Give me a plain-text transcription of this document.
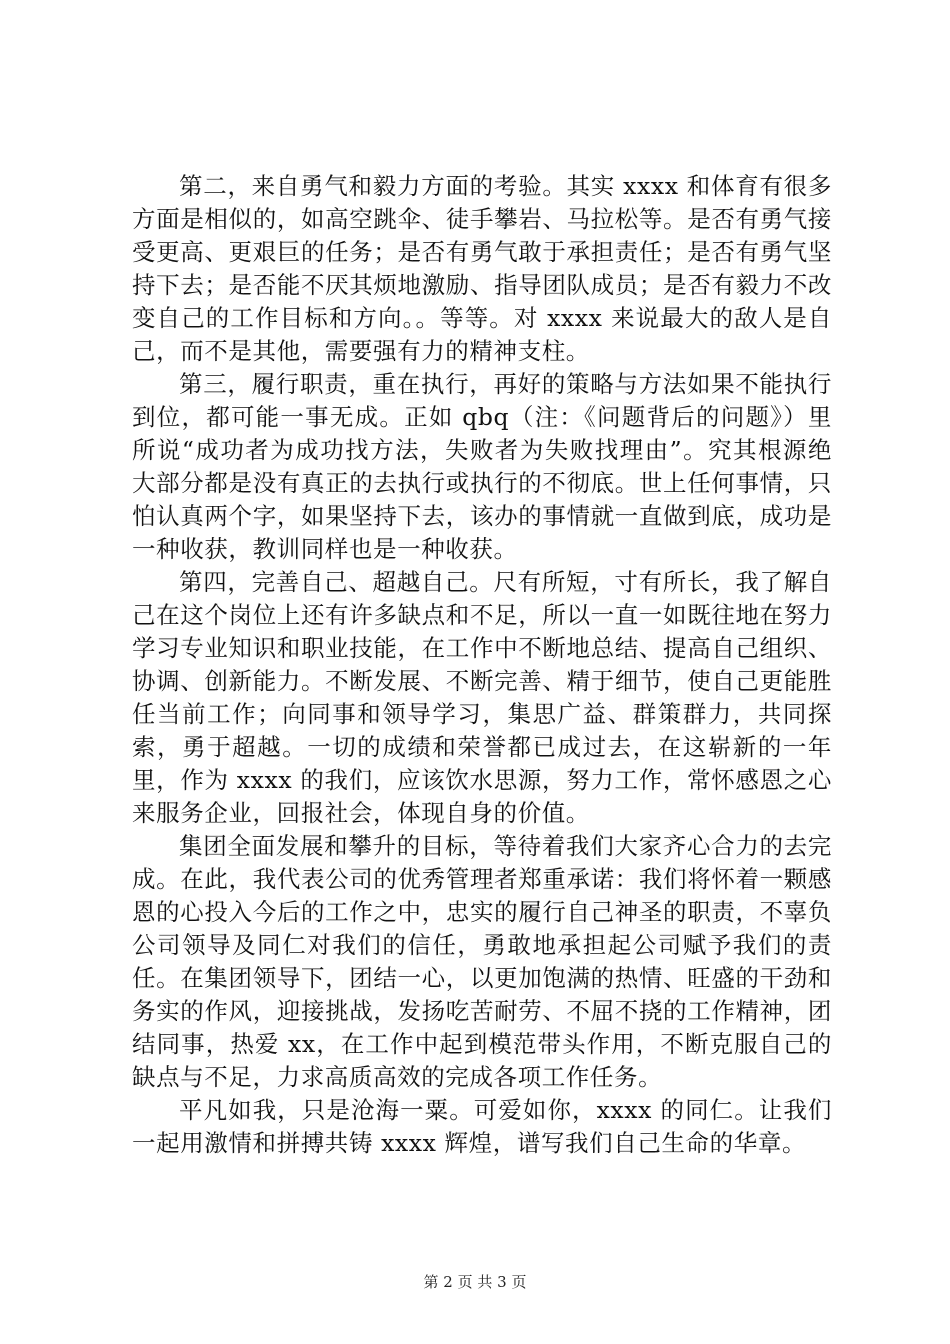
第二，来自勇气和毅力方面的考验。其实 xxxx 和体育有很多方面是相似的，如高空跳伞、徒手攀岩、马拉松等。是否有勇气接受更高、更艰巨的任务；是否有勇气敢于承担责任；是否有勇气坚持下去；是否能不厌其烦地激励、指导团队成员；是否有毅力不改变自己的工作目标和方向。。等等。对 xxxx 来说最大的敌人是自己，而不是其他，需要强有力的精神支柱。

第三，履行职责，重在执行，再好的策略与方法如果不能执行到位，都可能一事无成。正如 qbq（注：《问题背后的问题》）里所说“成功者为成功找方法，失败者为失败找理由”。究其根源绝大部分都是没有真正的去执行或执行的不彻底。世上任何事情，只怕认真两个字，如果坚持下去，该办的事情就一直做到底，成功是一种收获，教训同样也是一种收获。

第四，完善自己、超越自己。尺有所短，寸有所长，我了解自己在这个岗位上还有许多缺点和不足，所以一直一如既往地在努力学习专业知识和职业技能，在工作中不断地总结、提高自己组织、协调、创新能力。不断发展、不断完善、精于细节，使自己更能胜任当前工作；向同事和领导学习，集思广益、群策群力，共同探索，勇于超越。一切的成绩和荣誉都已成过去，在这崭新的一年里，作为 xxxx 的我们，应该饮水思源，努力工作，常怀感恩之心来服务企业，回报社会，体现自身的价值。

集团全面发展和攀升的目标，等待着我们大家齐心合力的去完成。在此，我代表公司的优秀管理者郑重承诺：我们将怀着一颗感恩的心投入今后的工作之中，忠实的履行自己神圣的职责，不辜负公司领导及同仁对我们的信任，勇敢地承担起公司赋予我们的责任。在集团领导下，团结一心，以更加饱满的热情、旺盛的干劲和务实的作风，迎接挑战，发扬吃苦耐劳、不屈不挠的工作精神，团结同事，热爱 xx，在工作中起到模范带头作用，不断克服自己的缺点与不足，力求高质高效的完成各项工作任务。

平凡如我，只是沧海一粟。可爱如你，xxxx 的同仁。让我们一起用激情和拼搏共铸 xxxx 辉煌，谱写我们自己生命的华章。

第 2 页 共 3 页
